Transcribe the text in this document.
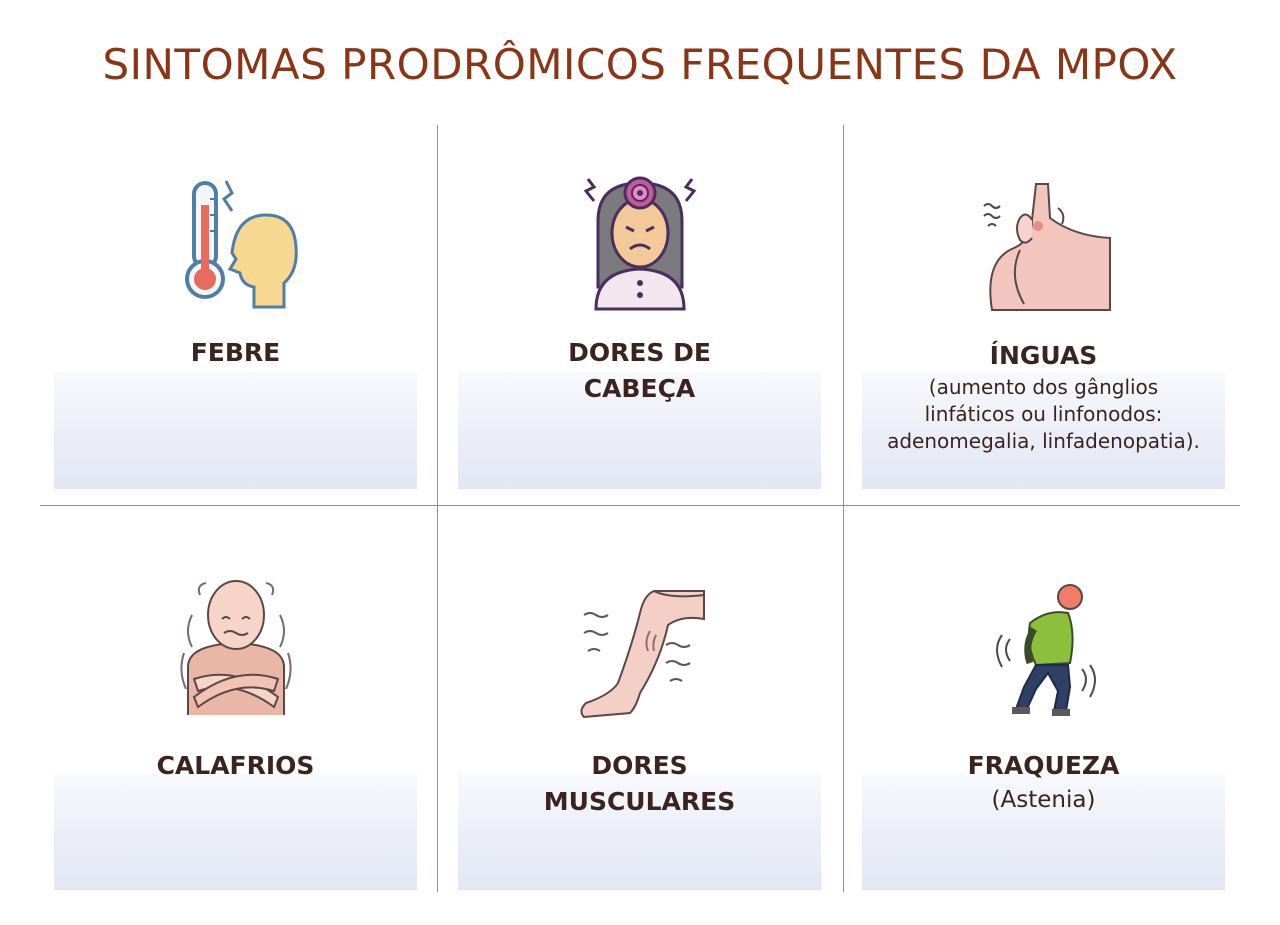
SINTOMAS PRODRÔMICOS FREQUENTES DA MPOX
FEBRE	DORES DE
CABEÇA
ÍNGUAS
(aumento dos gânglios
linfáticos ou linfonodos:
adenomegalia, linfadenopatia).
CALAFRIOS	DORES
MUSCULARES
FRAQUEZA
(Astenia)
